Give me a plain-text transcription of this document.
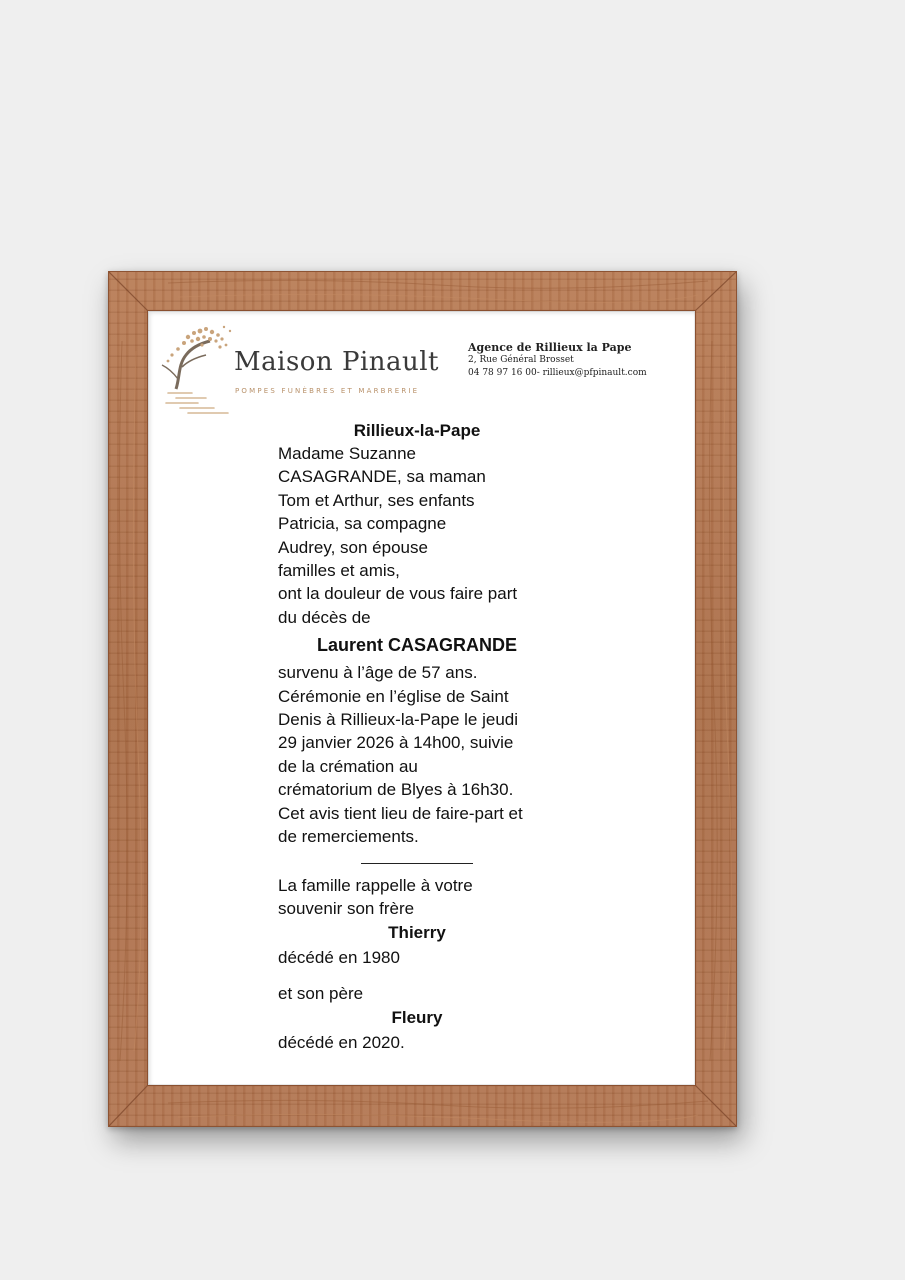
Maison Pinault
POMPES FUNÈBRES ET MARBRERIE
Agence de Rillieux la Pape
2, Rue Général Brosset
04 78 97 16 00- rillieux@pfpinault.com
Rillieux-la-Pape
Madame Suzanne
CASAGRANDE, sa maman
Tom et Arthur, ses enfants
Patricia, sa compagne
Audrey, son épouse
familles et amis,
ont la douleur de vous faire part
du décès de
Laurent CASAGRANDE
survenu à l’âge de 57 ans.
Cérémonie en l’église de Saint
Denis à Rillieux-la-Pape le jeudi
29 janvier 2026 à 14h00, suivie
de la crémation au
crématorium de Blyes à 16h30.
Cet avis tient lieu de faire-part et
de remerciements.
La famille rappelle à votre
souvenir son frère
Thierry
décédé en 1980
et son père
Fleury
décédé en 2020.
